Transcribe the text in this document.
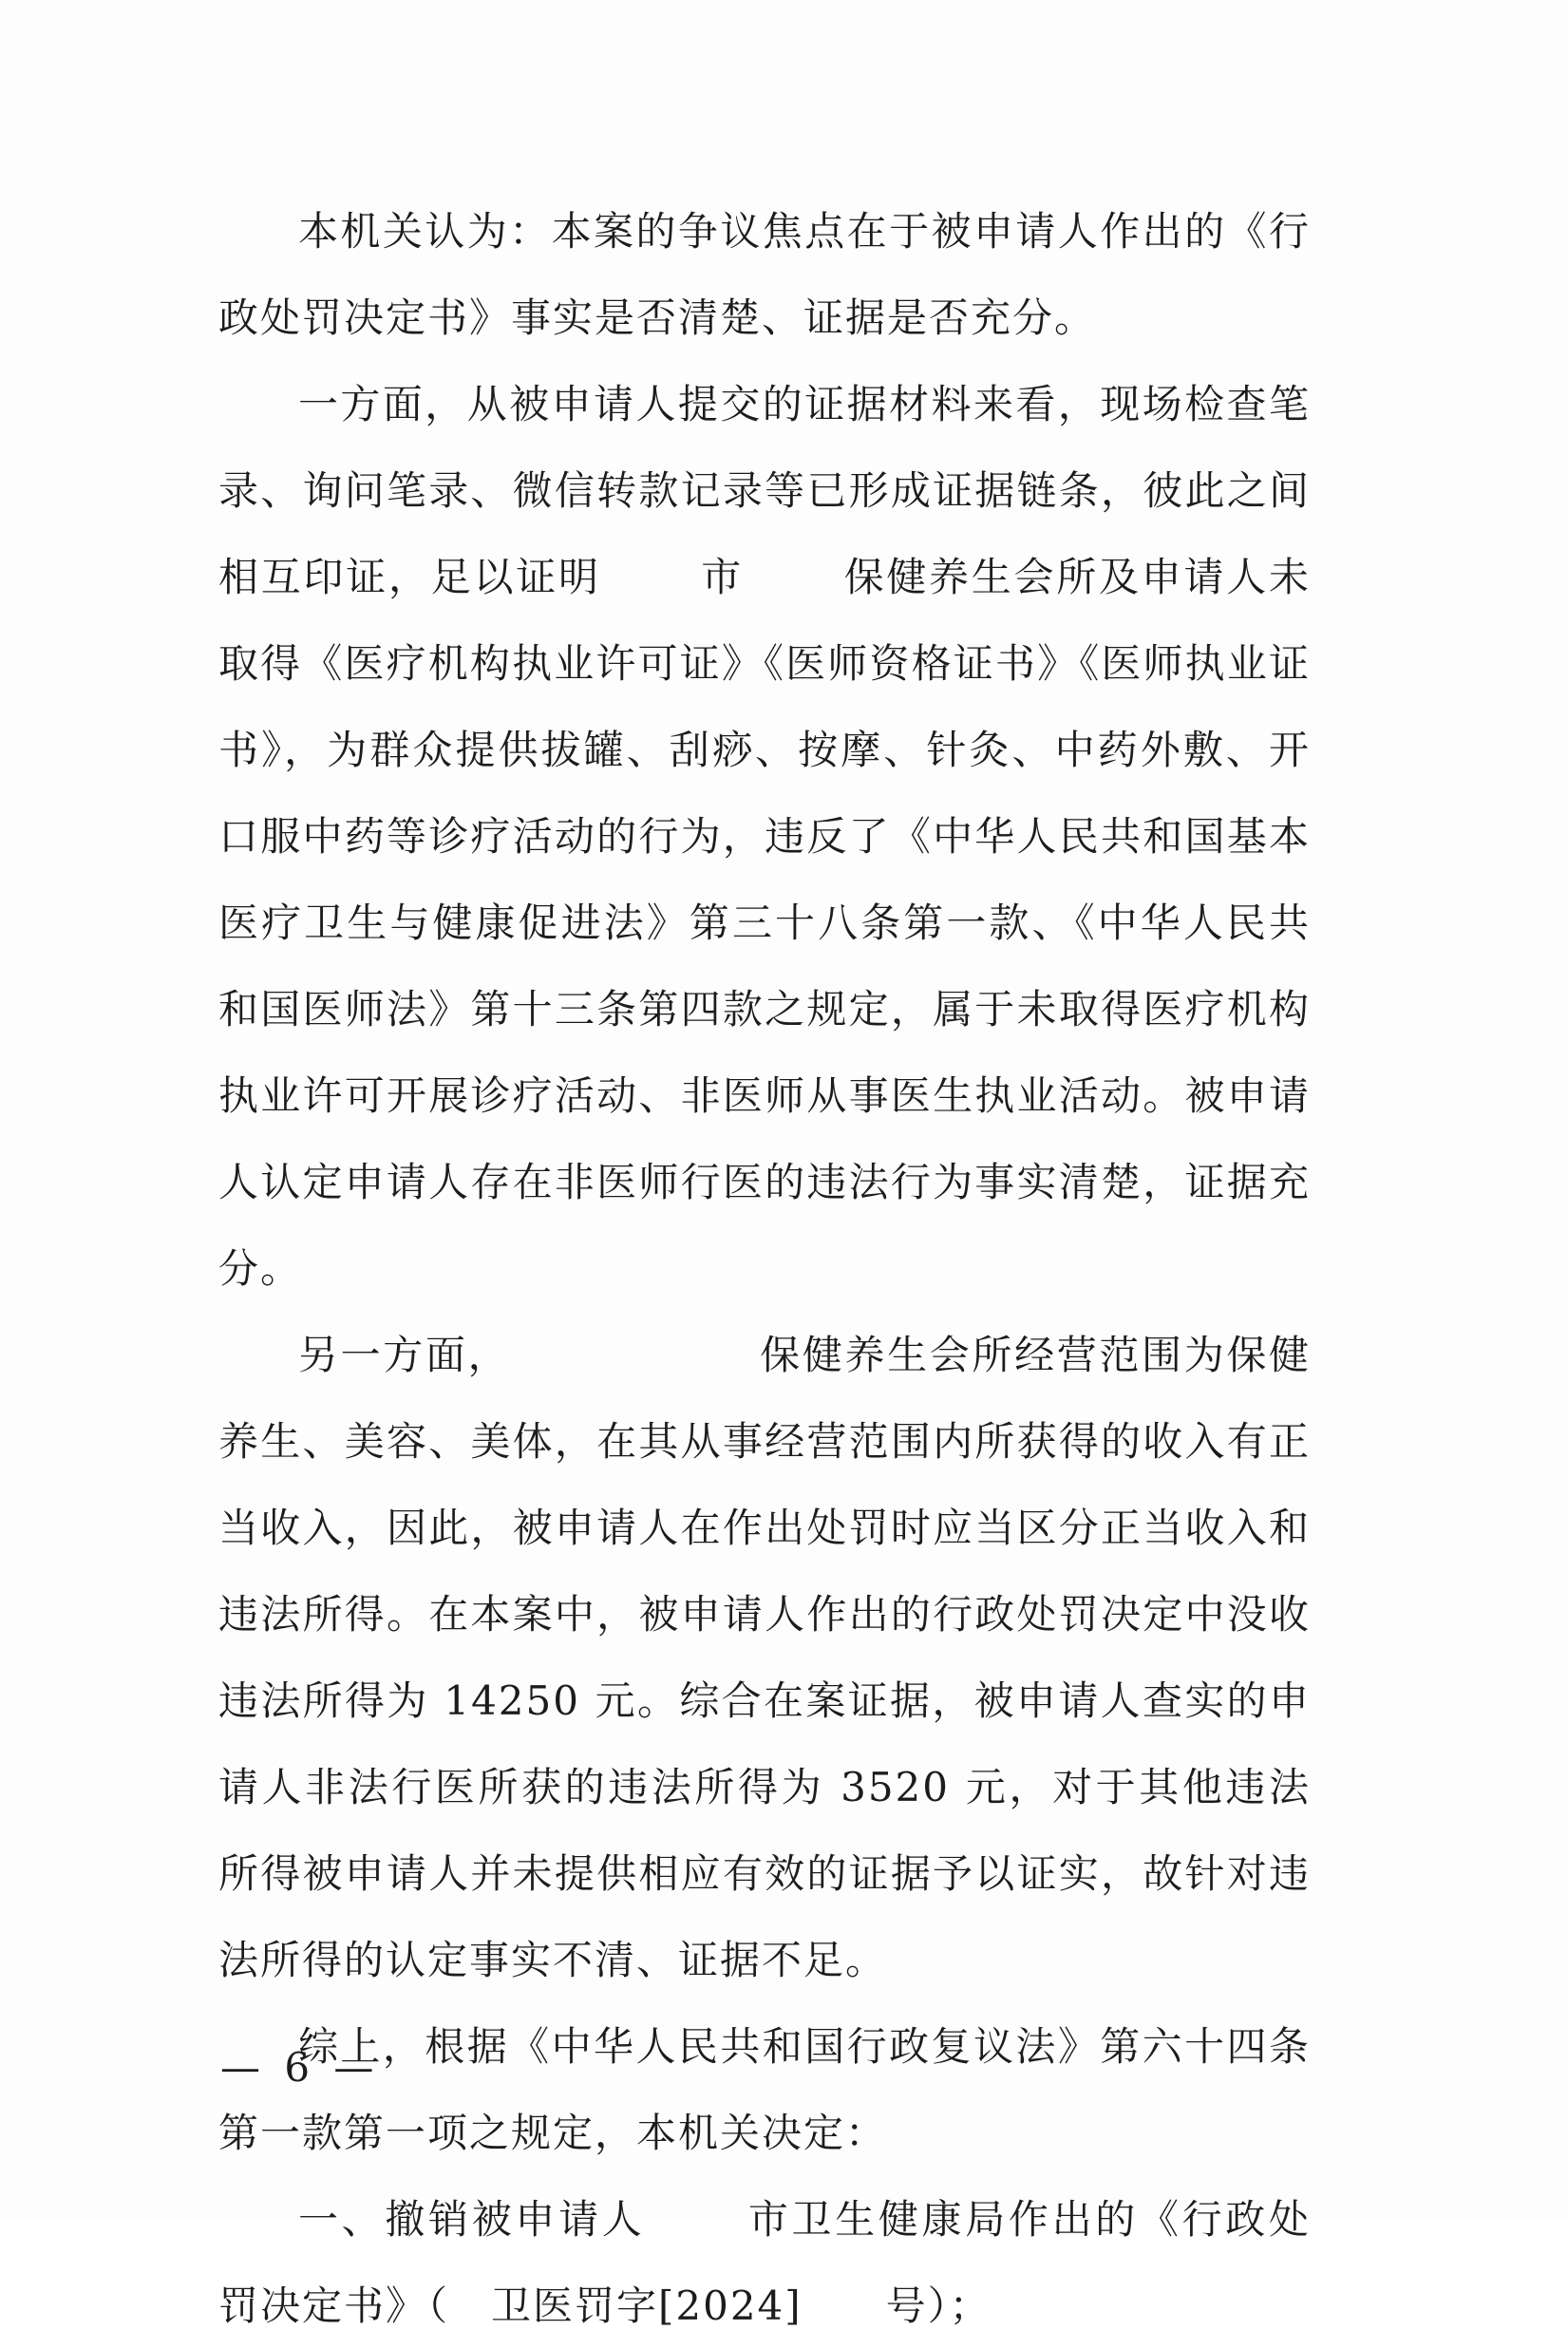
本机关认为：本案的争议焦点在于被申请人作出的《行政处罚决定书》事实是否清楚、证据是否充分。

一方面，从被申请人提交的证据材料来看，现场检查笔录、询问笔录、微信转款记录等已形成证据链条，彼此之间相互印证，足以证明 　　市　　 保健养生会所及申请人未取得《医疗机构执业许可证》《医师资格证书》《医师执业证书》，为群众提供拔罐、刮痧、按摩、针灸、中药外敷、开口服中药等诊疗活动的行为，违反了《中华人民共和国基本医疗卫生与健康促进法》第三十八条第一款、《中华人民共和国医师法》第十三条第四款之规定，属于未取得医疗机构执业许可开展诊疗活动、非医师从事医生执业活动。被申请人认定申请人存在非医师行医的违法行为事实清楚，证据充分。

另一方面，　　　　　　 保健养生会所经营范围为保健养生、美容、美体，在其从事经营范围内所获得的收入有正当收入，因此，被申请人在作出处罚时应当区分正当收入和违法所得。在本案中，被申请人作出的行政处罚决定中没收违法所得为 14250 元。综合在案证据，被申请人查实的申请人非法行医所获的违法所得为 3520 元，对于其他违法所得被申请人并未提供相应有效的证据予以证实，故针对违法所得的认定事实不清、证据不足。

综上，根据《中华人民共和国行政复议法》第六十四条第一款第一项之规定，本机关决定：

一、撤销被申请人 　　市卫生健康局作出的《行政处罚决定书》（　卫医罚字[2024]　　号）；

— 6 —
